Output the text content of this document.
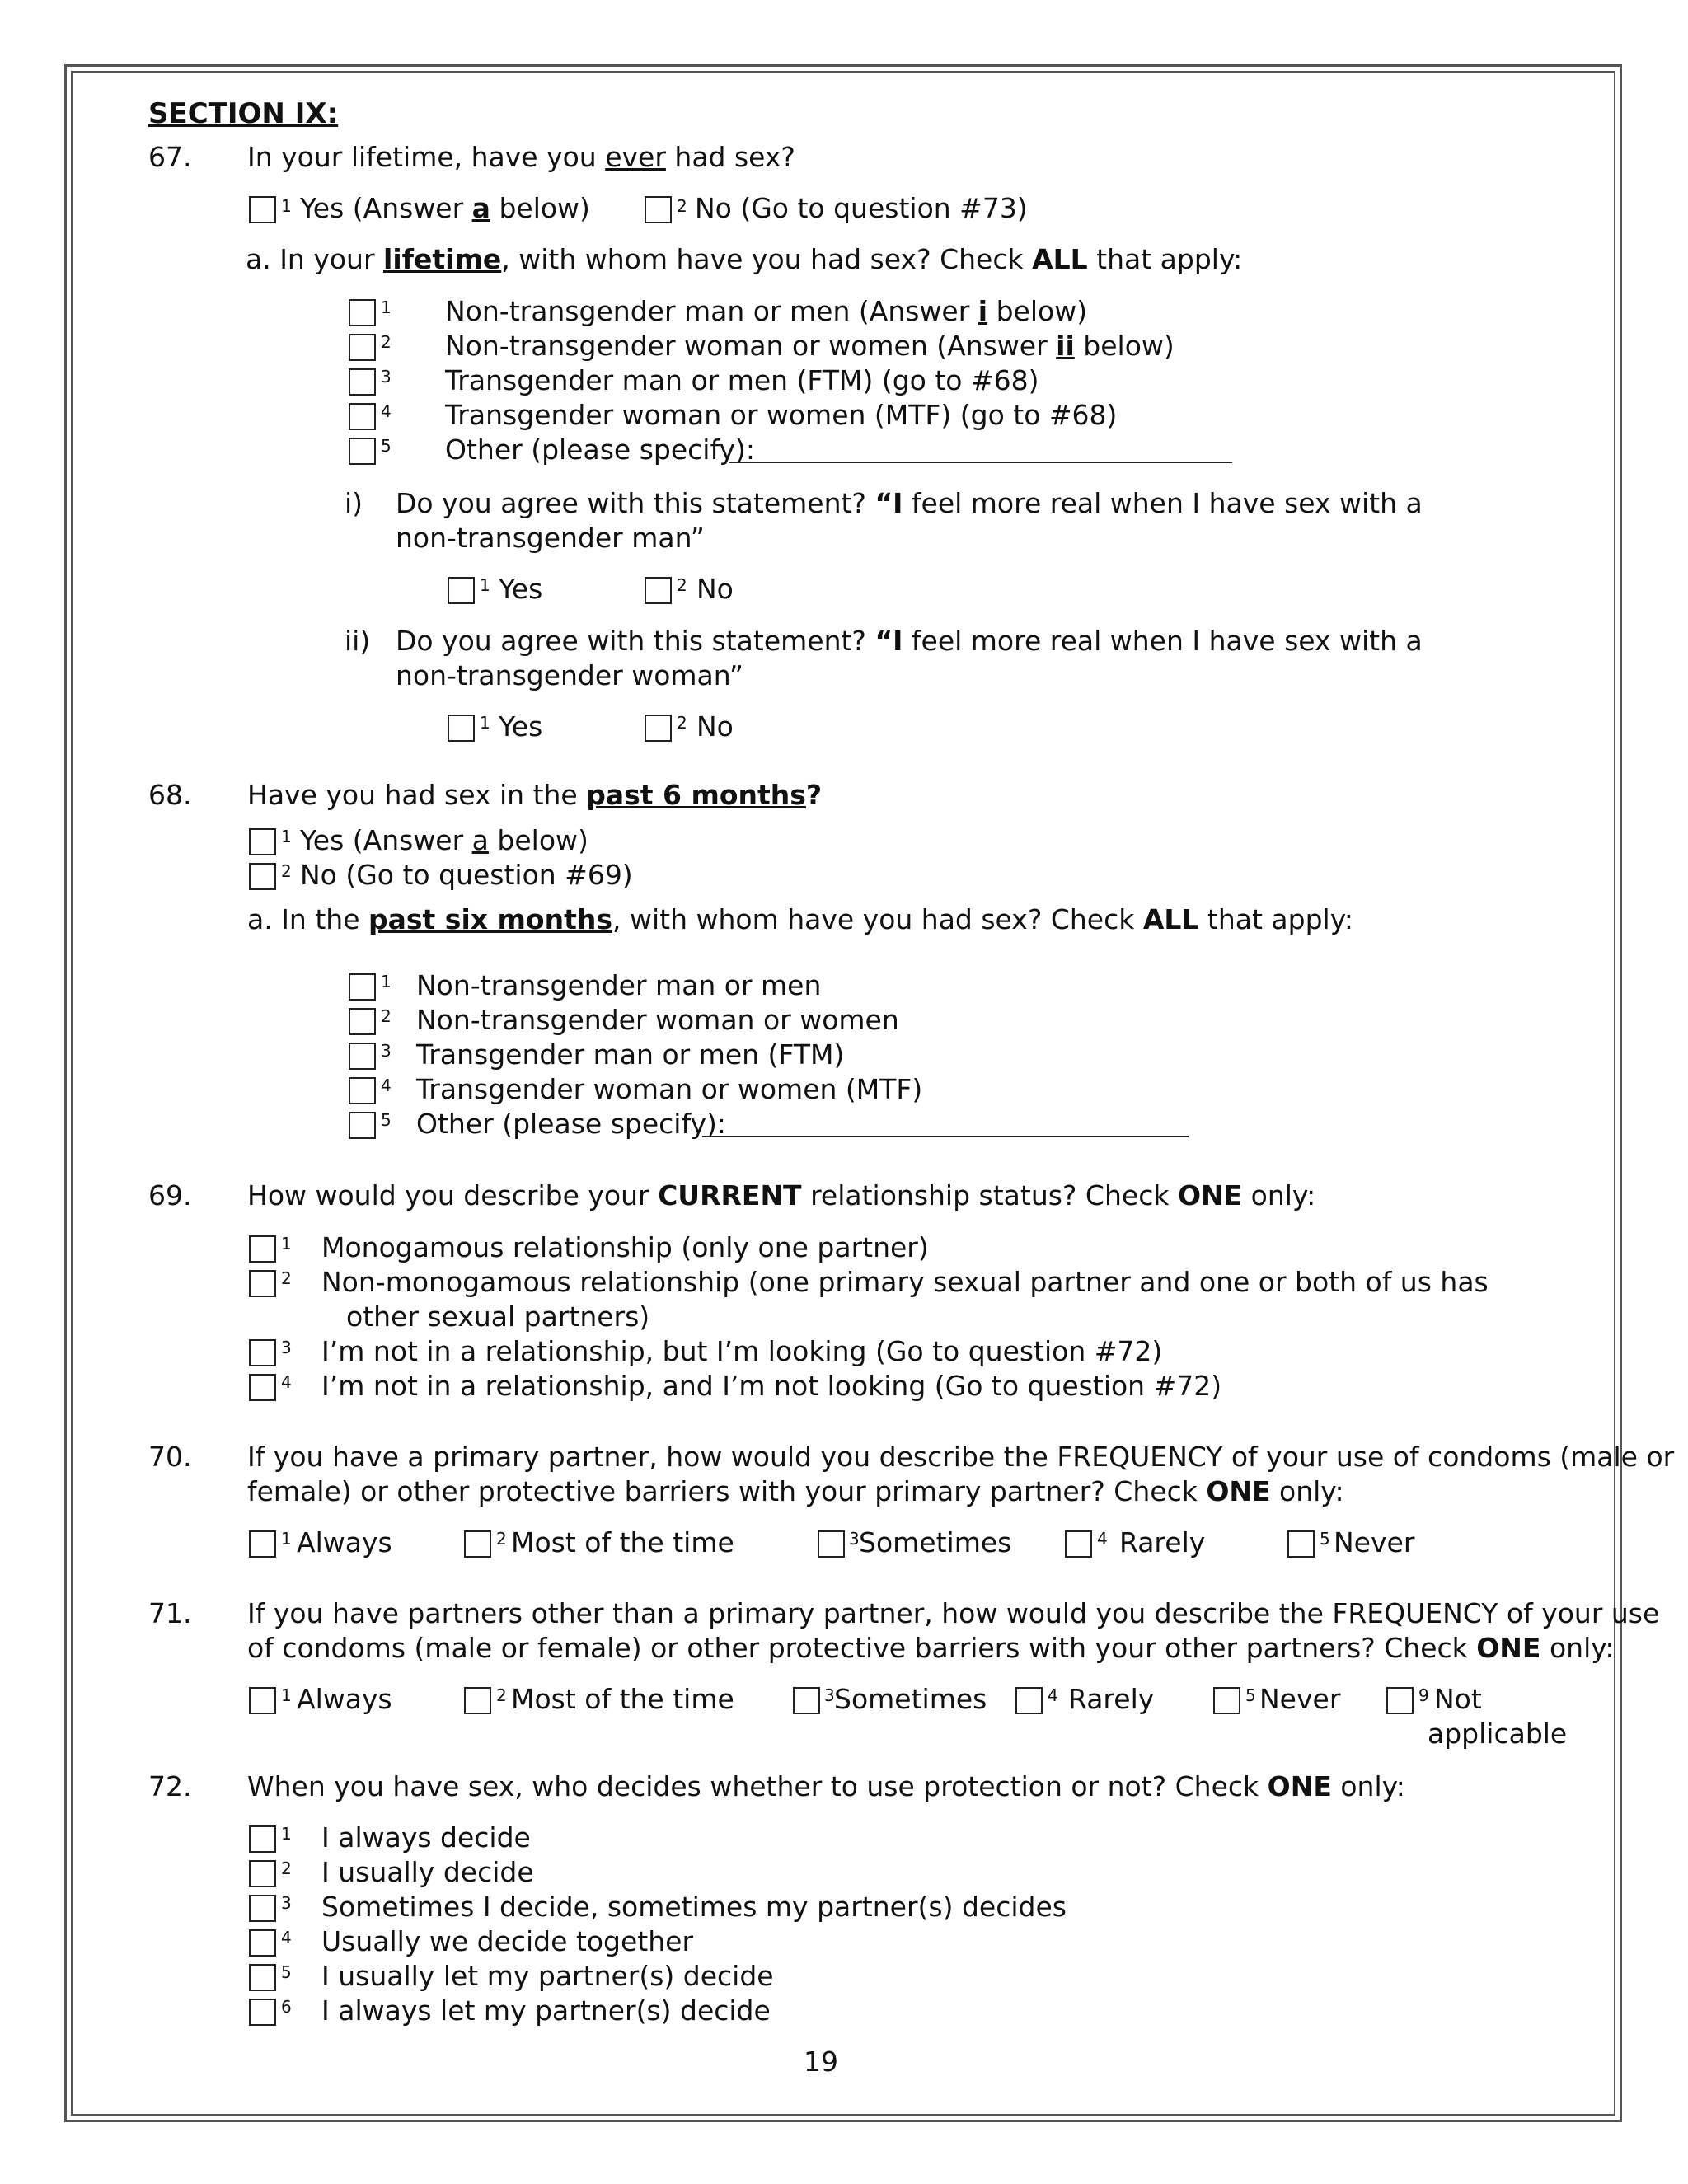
SECTION IX:
67. In your lifetime, have you ever had sex?
1 Yes (Answer a below)	2 No (Go to question #73)
a. In your lifetime, with whom have you had sex? Check ALL that apply:
1 Non-transgender man or men (Answer i below)
2 Non-transgender woman or women (Answer ii below)
3 Transgender man or men (FTM) (go to #68)
4 Transgender woman or women (MTF) (go to #68)
5 Other (please specify):
i) Do you agree with this statement? “I feel more real when I have sex with a
non-transgender man”
1 Yes	2 No
ii) Do you agree with this statement? “I feel more real when I have sex with a
non-transgender woman”
1 Yes	2 No
68. Have you had sex in the past 6 months?
1 Yes (Answer a below)
2 No (Go to question #69)
a. In the past six months, with whom have you had sex? Check ALL that apply:
1 Non-transgender man or men
2 Non-transgender woman or women
3 Transgender man or men (FTM)
4 Transgender woman or women (MTF)
5 Other (please specify):
69. How would you describe your CURRENT relationship status? Check ONE only:
1 Monogamous relationship (only one partner)
2 Non-monogamous relationship (one primary sexual partner and one or both of us has
other sexual partners)
3 I’m not in a relationship, but I’m looking (Go to question #72)
4 I’m not in a relationship, and I’m not looking (Go to question #72)
70. If you have a primary partner, how would you describe the FREQUENCY of your use of condoms (male or
female) or other protective barriers with your primary partner? Check ONE only:
1 Always	2 Most of the time	3 Sometimes	4 Rarely	5 Never
71. If you have partners other than a primary partner, how would you describe the FREQUENCY of your use
of condoms (male or female) or other protective barriers with your other partners? Check ONE only:
1 Always	2 Most of the time	3 Sometimes	4 Rarely	5 Never	9 Not
applicable
72. When you have sex, who decides whether to use protection or not? Check ONE only:
1 I always decide
2 I usually decide
3 Sometimes I decide, sometimes my partner(s) decides
4 Usually we decide together
5 I usually let my partner(s) decide
6 I always let my partner(s) decide
19
